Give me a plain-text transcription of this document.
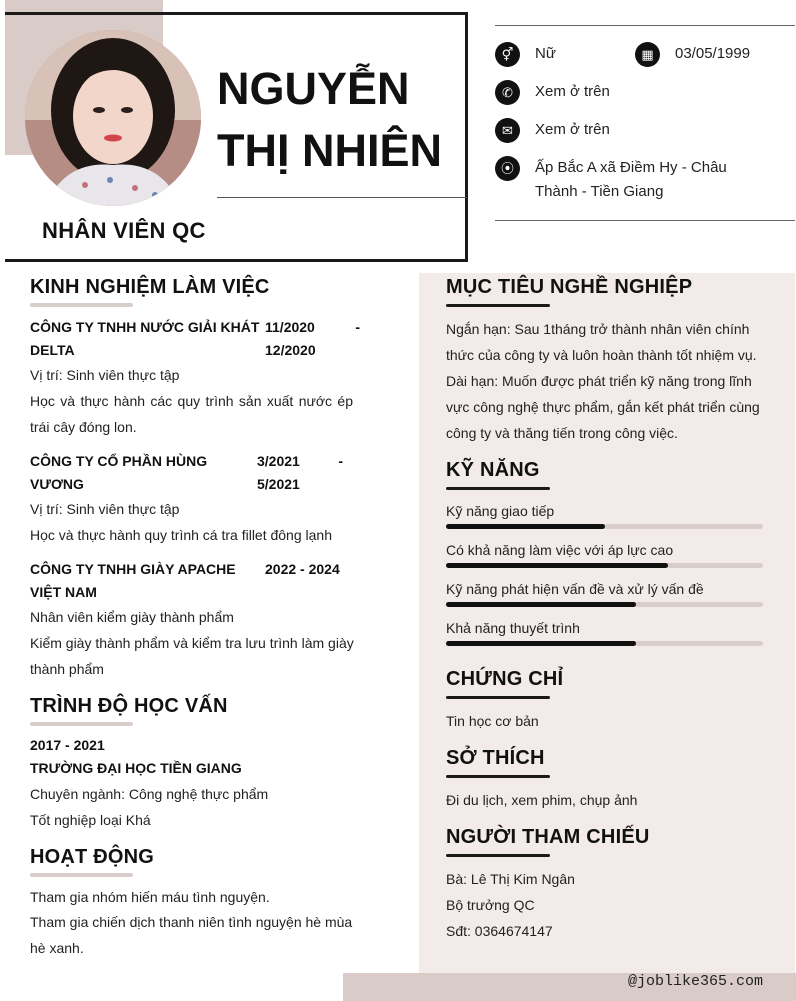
NGUYỄN
THỊ NHIÊN
NHÂN VIÊN QC
⚥	Nữ	▦	03/05/1999
✆	Xem ở trên
✉	Xem ở trên
⦿	Ấp Bắc A xã Điềm Hy - Châu Thành - Tiền Giang
@joblike365.com
KINH NGHIỆM LÀM VIỆC
CÔNG TY TNHH NƯỚC GIẢI KHÁT DELTA
11/2020 - 12/2020
Vị trí: Sinh viên thực tập
Học và thực hành các quy trình sản xuất nước ép trái cây đóng lon.
CÔNG TY CỔ PHẦN HÙNG VƯƠNG
3/2021 - 5/2021
Vị trí: Sinh viên thực tập
Học và thực hành quy trình cá tra fillet đông lạnh
CÔNG TY TNHH GIÀY APACHE VIỆT NAM
2022 - 2024
Nhân viên kiểm giày thành phẩm
Kiểm giày thành phẩm và kiểm tra lưu trình làm giày thành phẩm
TRÌNH ĐỘ HỌC VẤN
2017 - 2021
TRƯỜNG ĐẠI HỌC TIỀN GIANG
Chuyên ngành: Công nghệ thực phẩm
Tốt nghiệp loại Khá
HOẠT ĐỘNG
Tham gia nhóm hiến máu tình nguyện.
Tham gia chiến dịch thanh niên tình nguyện hè mùa hè xanh.
MỤC TIÊU NGHỀ NGHIỆP
Ngắn hạn: Sau 1tháng trở thành nhân viên chính thức của công ty và luôn hoàn thành tốt nhiệm vụ.
Dài hạn: Muốn được phát triển kỹ năng trong lĩnh vực công nghệ thực phẩm, gắn kết phát triển cùng công ty và thăng tiến trong công việc.
KỸ NĂNG
Kỹ năng giao tiếp
Có khả năng làm việc với áp lực cao
Kỹ năng phát hiện vấn đề và xử lý vấn đề
Khả năng thuyết trình
CHỨNG CHỈ
Tin học cơ bản
SỞ THÍCH
Đi du lịch, xem phim, chụp ảnh
NGƯỜI THAM CHIẾU
Bà: Lê Thị Kim Ngân
Bộ trưởng QC
Sđt: 0364674147
